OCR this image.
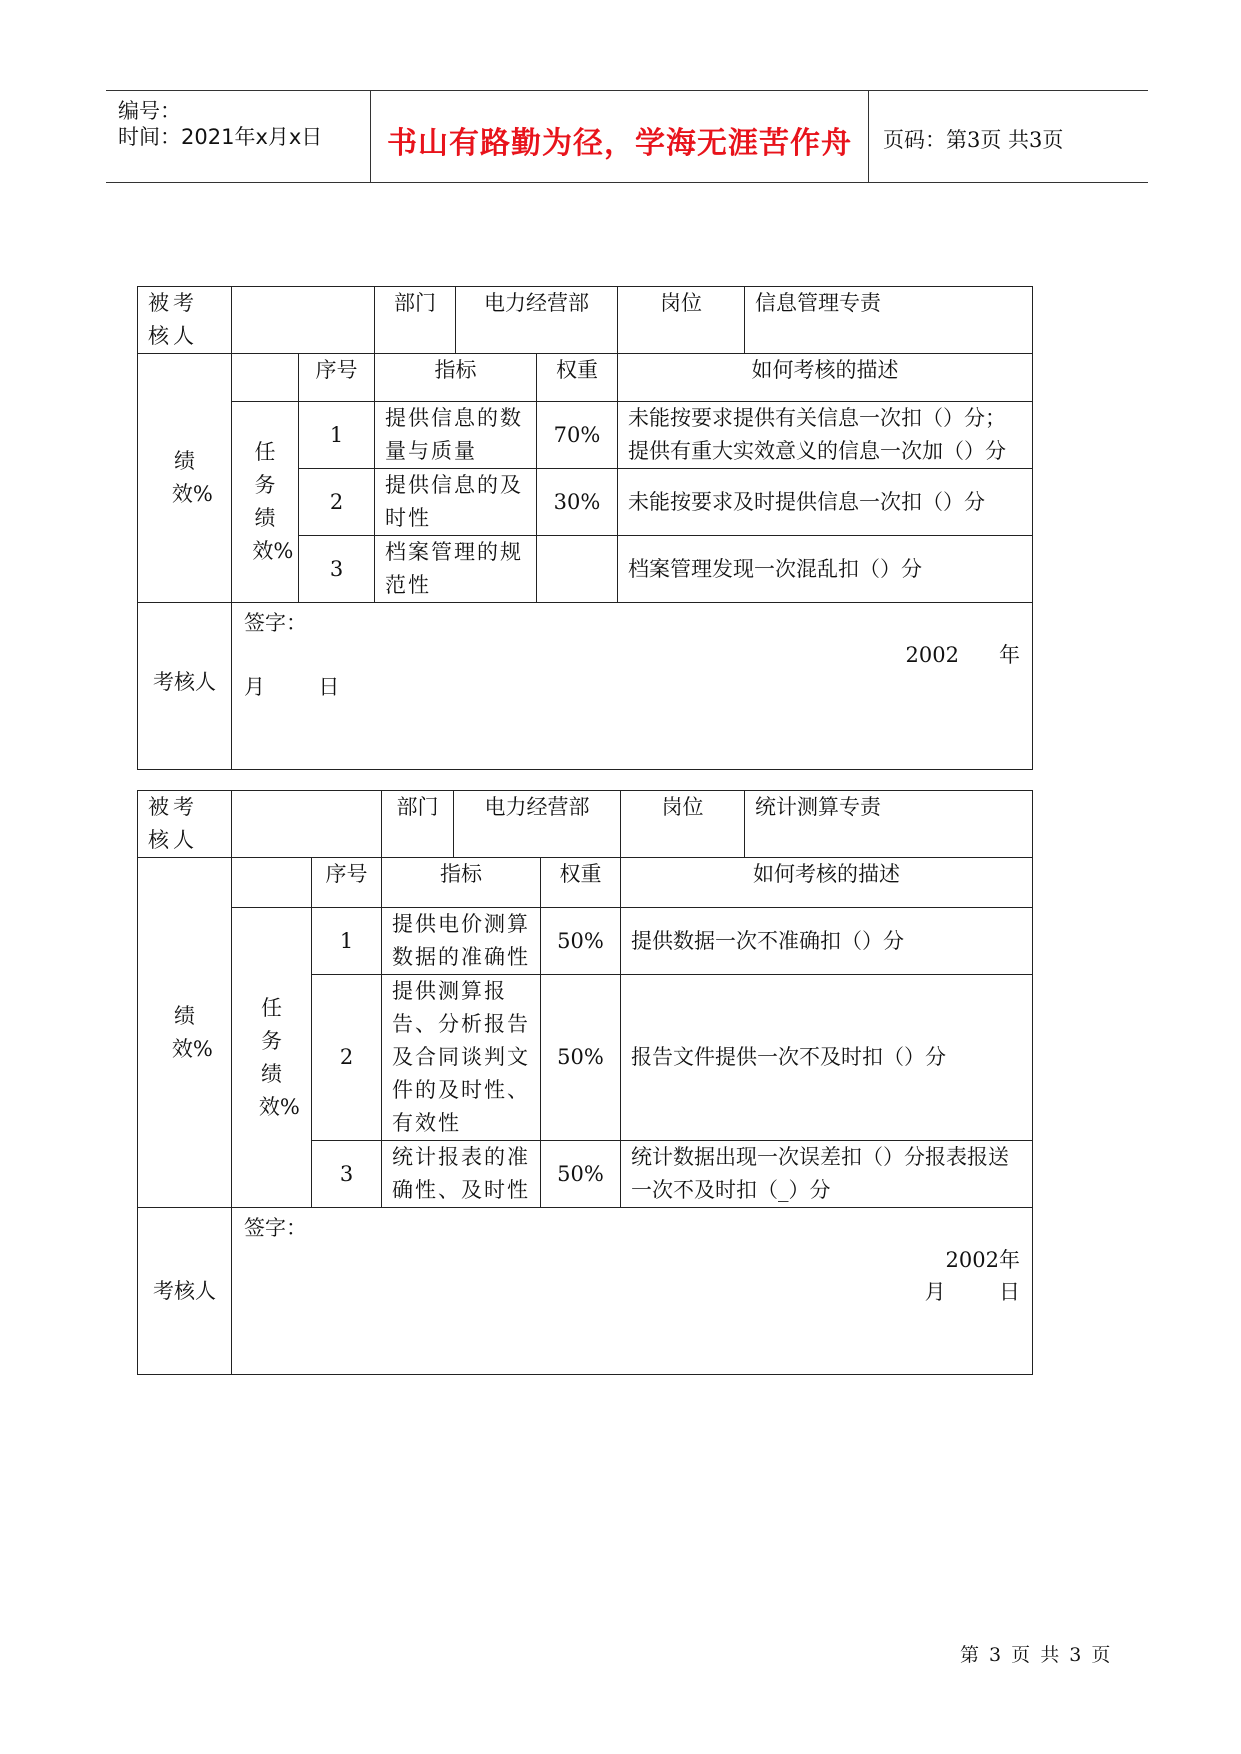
编号：
时间：2021年x月x日	书山有路勤为径，学海无涯苦作舟	页码：第3页 共3页
被考核人			部门	电力经营部		岗位	信息管理专责

绩效%		序号	指标		权重	如何考核的描述	

	任务绩效%	1	提供信息的数量与质量		70%	未能按要求提供有关信息一次扣（）分；提供有重大实效意义的信息一次加（）分	
		2	提供信息的及时性		30%	未能按要求及时提供信息一次扣（）分	
		3	档案管理的规范性			档案管理发现一次混乱扣（）分	
考核人	签字：
2002      年
月        日						
被考核人			部门	电力经营部		岗位	统计测算专责

绩效%		序号	指标		权重	如何考核的描述	

	任务绩效%	1	提供电价测算数据的准确性		50%	提供数据一次不准确扣（）分	
		2	提供测算报告、分析报告及合同谈判文件的及时性、有效性		50%	报告文件提供一次不及时扣（）分	
		3	统计报表的准确性、及时性		50%	统计数据出现一次误差扣（）分报表报送一次不及时扣（_）分	
考核人	签字：
2002年
月        日						
第 3 页 共 3 页
